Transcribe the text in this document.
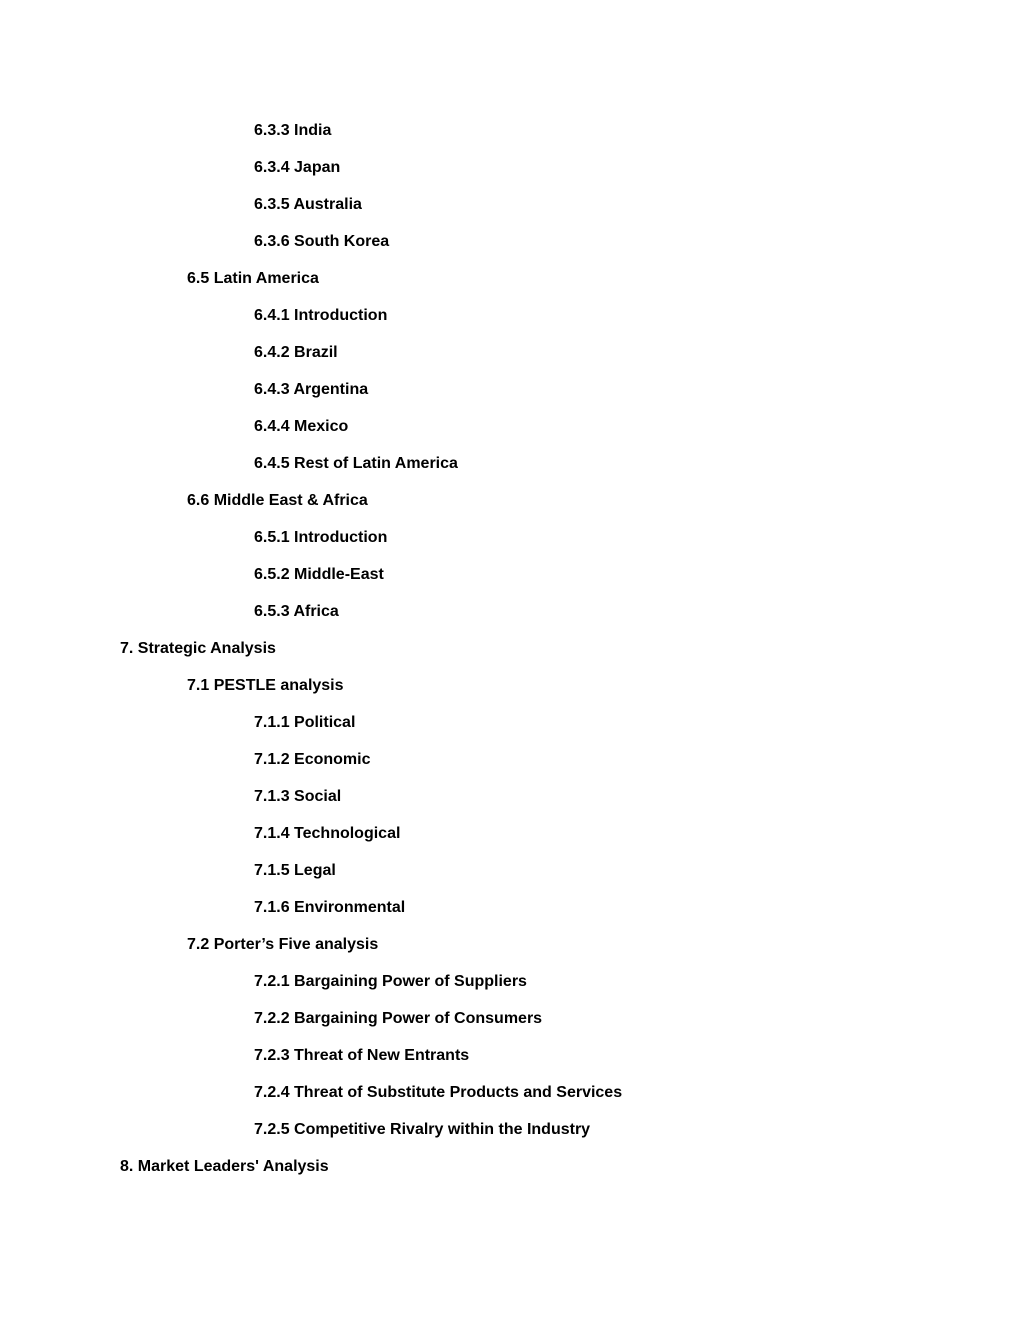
6.3.3 India
6.3.4 Japan
6.3.5 Australia
6.3.6 South Korea
6.5 Latin America
6.4.1 Introduction
6.4.2 Brazil
6.4.3 Argentina
6.4.4 Mexico
6.4.5 Rest of Latin America
6.6 Middle East & Africa
6.5.1 Introduction
6.5.2 Middle-East
6.5.3 Africa
7. Strategic Analysis
7.1 PESTLE analysis
7.1.1 Political
7.1.2 Economic
7.1.3 Social
7.1.4 Technological
7.1.5 Legal
7.1.6 Environmental
7.2 Porter’s Five analysis
7.2.1 Bargaining Power of Suppliers
7.2.2 Bargaining Power of Consumers
7.2.3 Threat of New Entrants
7.2.4 Threat of Substitute Products and Services
7.2.5 Competitive Rivalry within the Industry
8. Market Leaders' Analysis
